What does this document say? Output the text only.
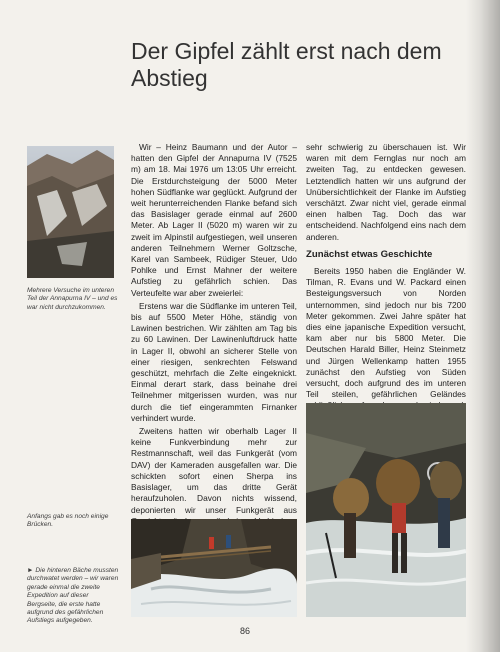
Der Gipfel zählt erst nach dem Abstieg
Mehrere Versuche im unteren Teil der Annapurna IV – und es war nicht durchzukommen.

Wir – Heinz Baumann und der Autor – hatten den Gipfel der Annapurna IV (7525 m) am 18. Mai 1976 um 13:05 Uhr erreicht. Die Erstdurchsteigung der 5000 Meter hohen Südflanke war geglückt. Aufgrund der weit herunterreichenden Flanke befand sich das Basislager gerade einmal auf 2600 Meter. Ab Lager II (5020 m) waren wir zu zweit im Alpinstil aufgestiegen, weil unseren anderen Teilnehmern Werner Goltzsche, Karel van Sambeek, Rüdiger Steuer, Udo Pohlke und Ernst Mahner der weitere Aufstieg zu gefährlich schien. Das Verteufelte war aber zweierlei:

Erstens war die Südflanke im unteren Teil, bis auf 5500 Meter Höhe, ständig von Lawinen bestrichen. Wir zählten am Tag bis zu 60 Lawinen. Der Lawinenluftdruck hatte in Lager II, obwohl an sicherer Stelle von einer riesigen, senkrechten Felswand geschützt, mehrfach die Zelte eingeknickt. Einmal derart stark, dass beinahe drei Teilnehmer mitgerissen wurden, was nur durch die tief eingerammten Firnanker verhindert wurde.

Zweitens hatten wir oberhalb Lager II keine Funkverbindung mehr zur Restmannschaft, weil das Funkgerät (vom DAV) der Kameraden ausgefallen war. Die schickten sofort einen Sherpa ins Basislager, um das dritte Gerät heraufzuholen. Davon nichts wissend, deponierten wir unser Funkgerät aus

sehr schwierig zu überschauen ist. Wir waren mit dem Fernglas nur noch am zweiten Tag, zu entdecken gewesen. Letztendlich hatten wir uns aufgrund der Unübersichtlichkeit der Flanke im Aufstieg verschätzt. Zwar nicht viel, gerade einmal einen halben Tag. Doch das war entscheidend. Nachfolgend eins nach dem anderen.

Zunächst etwas Geschichte

Bereits 1950 haben die Engländer W. Tilman, R. Evans und W. Packard einen Besteigungsversuch von Norden unternommen, sind jedoch nur bis 7200 Meter gekommen. Zwei Jahre später hat dies eine japanische Expedition versucht, kam aber nur bis 5800 Meter. Die Deutschen Harald Biller, Heinz Steinmetz und Jürgen Wellenkamp hatten 1955 zunächst den Aufstieg von Süden versucht, doch aufgrund des im unteren Teil steilen, gefährlichen Geländes

Anfangs gab es noch einige Brücken.
► Die hinteren Bäche mussten durchwatet werden – wir waren gerade einmal die zweite Expedition auf dieser Bergseite, die erste hatte aufgrund des gefährlichen Aufstiegs aufgegeben.
86
